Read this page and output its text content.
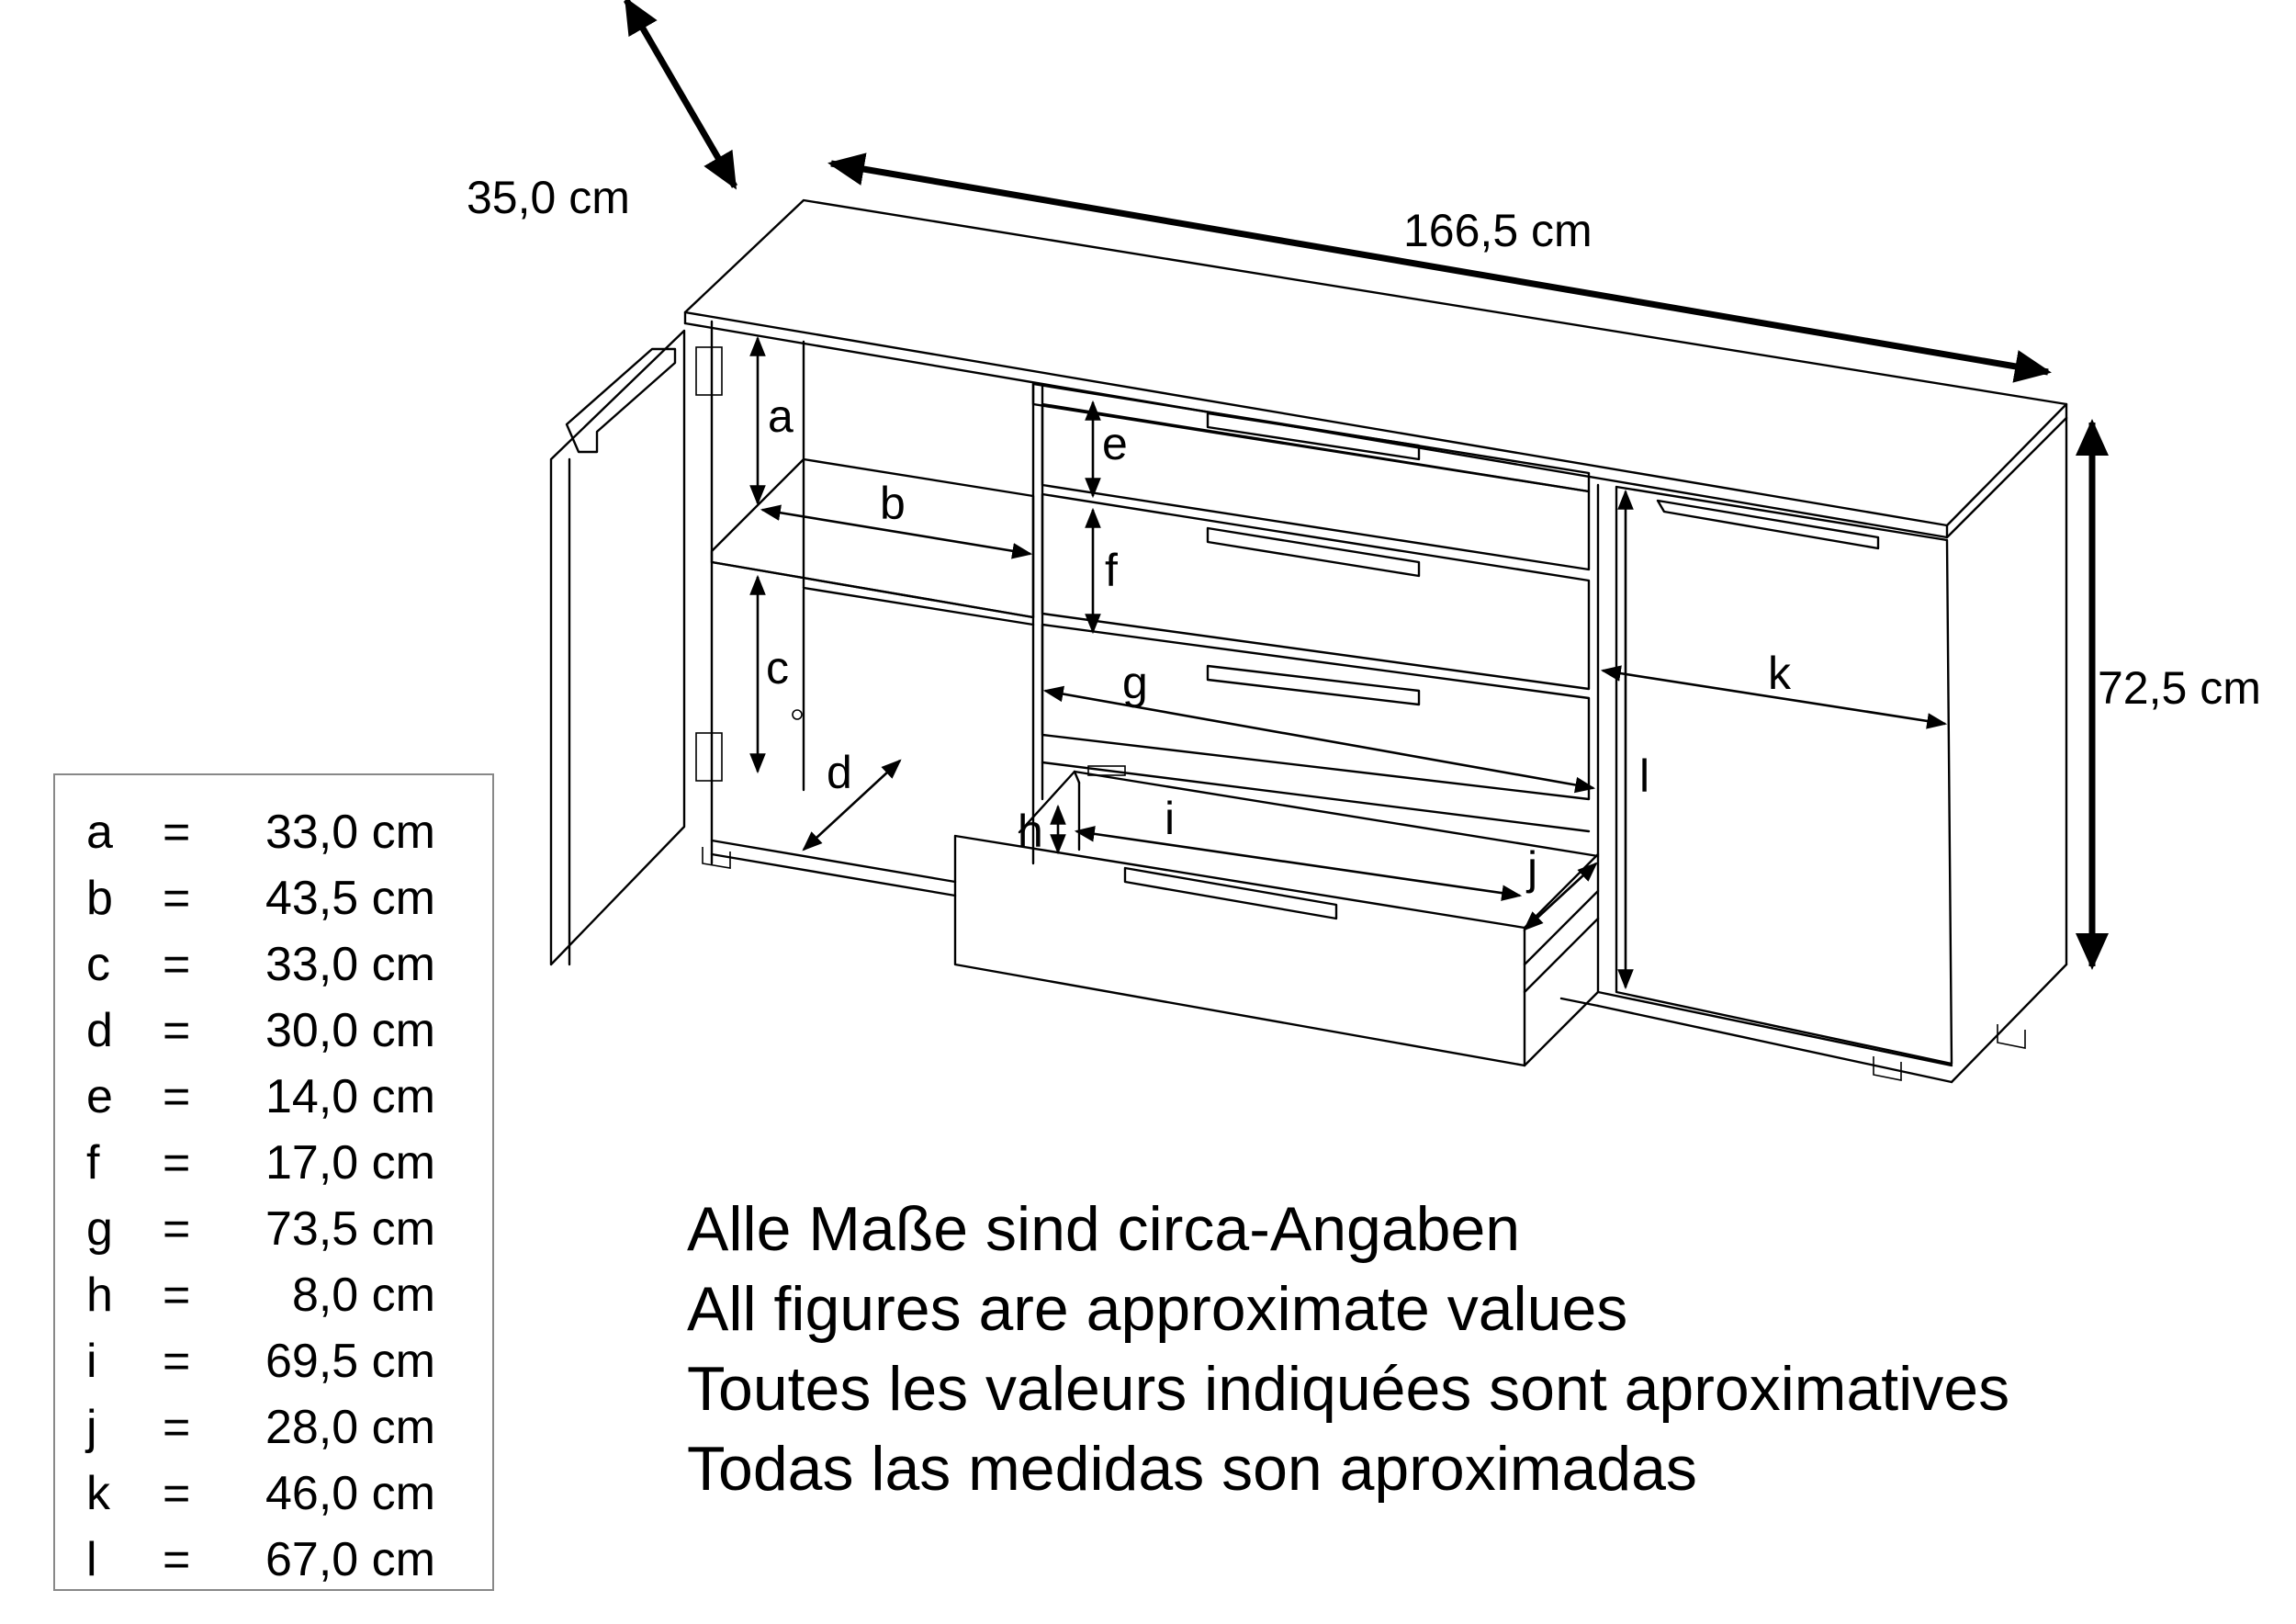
35,0 cm
166,5 cm
72,5 cm
a
b
c
d
e
f
g
h	i
j
k
l
a = 33,0 cm
b = 43,5 cm
c = 33,0 cm
d = 30,0 cm
e = 14,0 cm
f = 17,0 cm
g = 73,5 cm
h = 8,0 cm
i = 69,5 cm
j = 28,0 cm
k = 46,0 cm
l = 67,0 cm
Alle Maße sind circa-Angaben
All figures are approximate values
Toutes les valeurs indiquées sont aproximatives
Todas las medidas son aproximadas
